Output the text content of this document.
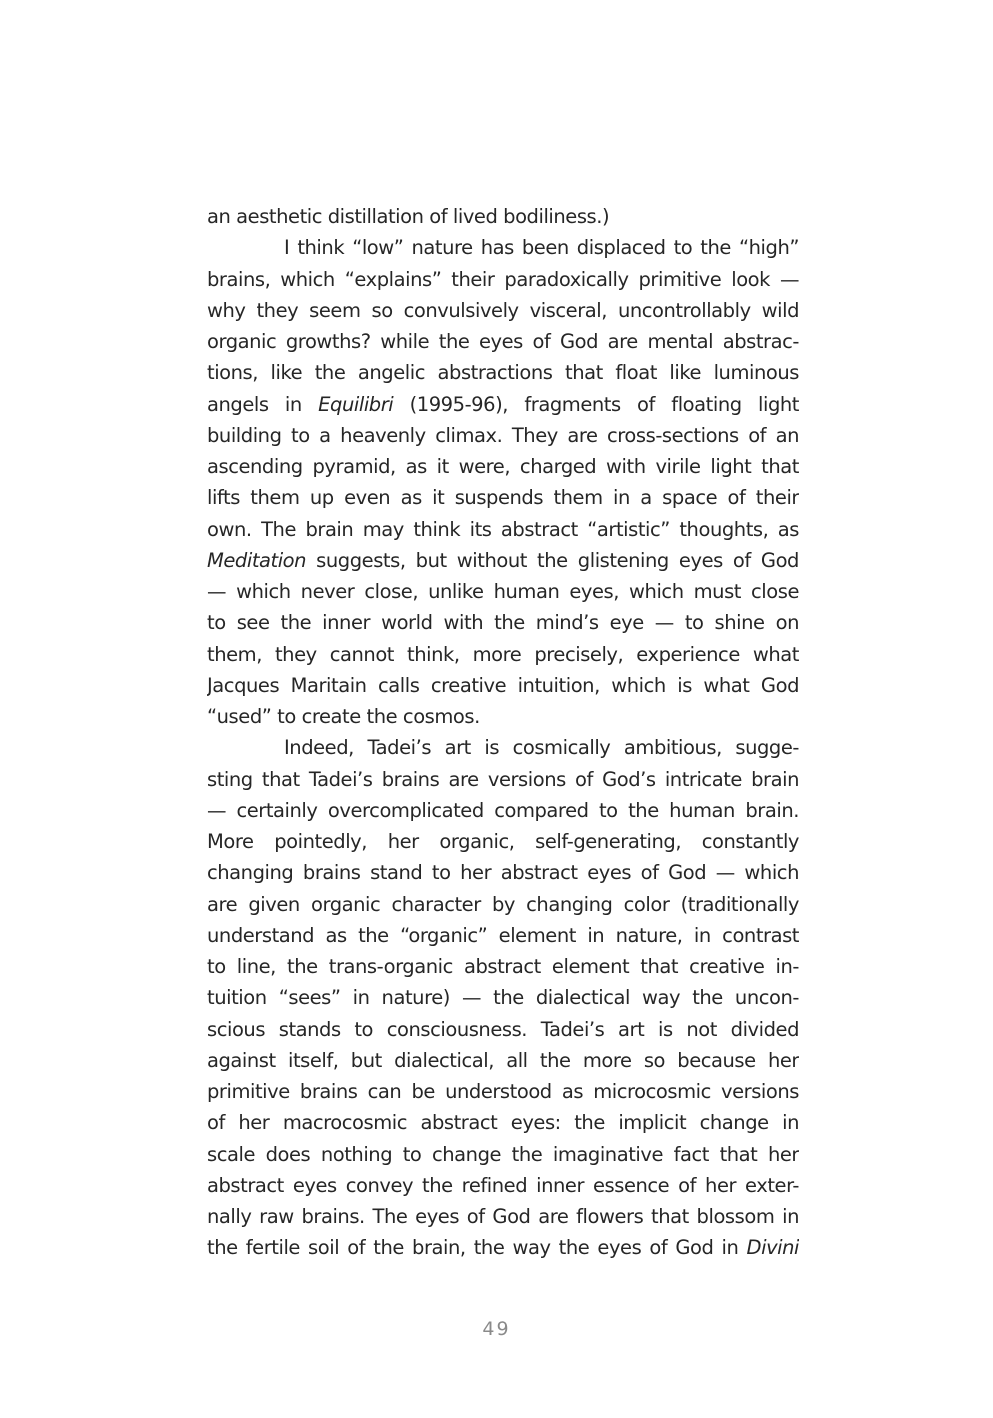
an aesthetic distillation of lived bodiliness.)
I think “low” nature has been displaced to the “high”
brains, which “explains” their paradoxically primitive look —
why they seem so convulsively visceral, uncontrollably wild
organic growths? while the eyes of God are mental abstrac-
tions, like the angelic abstractions that float like luminous
angels in Equilibri (1995-96), fragments of floating light
building to a heavenly climax. They are cross-sections of an
ascending pyramid, as it were, charged with virile light that
lifts them up even as it suspends them in a space of their
own. The brain may think its abstract “artistic” thoughts, as
Meditation suggests, but without the glistening eyes of God
— which never close, unlike human eyes, which must close
to see the inner world with the mind’s eye — to shine on
them, they cannot think, more precisely, experience what
Jacques Maritain calls creative intuition, which is what God
“used” to create the cosmos.
Indeed, Tadei’s art is cosmically ambitious, sugge-
sting that Tadei’s brains are versions of God’s intricate brain
— certainly overcomplicated compared to the human brain.
More pointedly, her organic, self-generating, constantly
changing brains stand to her abstract eyes of God — which
are given organic character by changing color (traditionally
understand as the “organic” element in nature, in contrast
to line, the trans-organic abstract element that creative in-
tuition “sees” in nature) — the dialectical way the uncon-
scious stands to consciousness. Tadei’s art is not divided
against itself, but dialectical, all the more so because her
primitive brains can be understood as microcosmic versions
of her macrocosmic abstract eyes: the implicit change in
scale does nothing to change the imaginative fact that her
abstract eyes convey the refined inner essence of her exter-
nally raw brains. The eyes of God are flowers that blossom in
the fertile soil of the brain, the way the eyes of God in Divini
49
